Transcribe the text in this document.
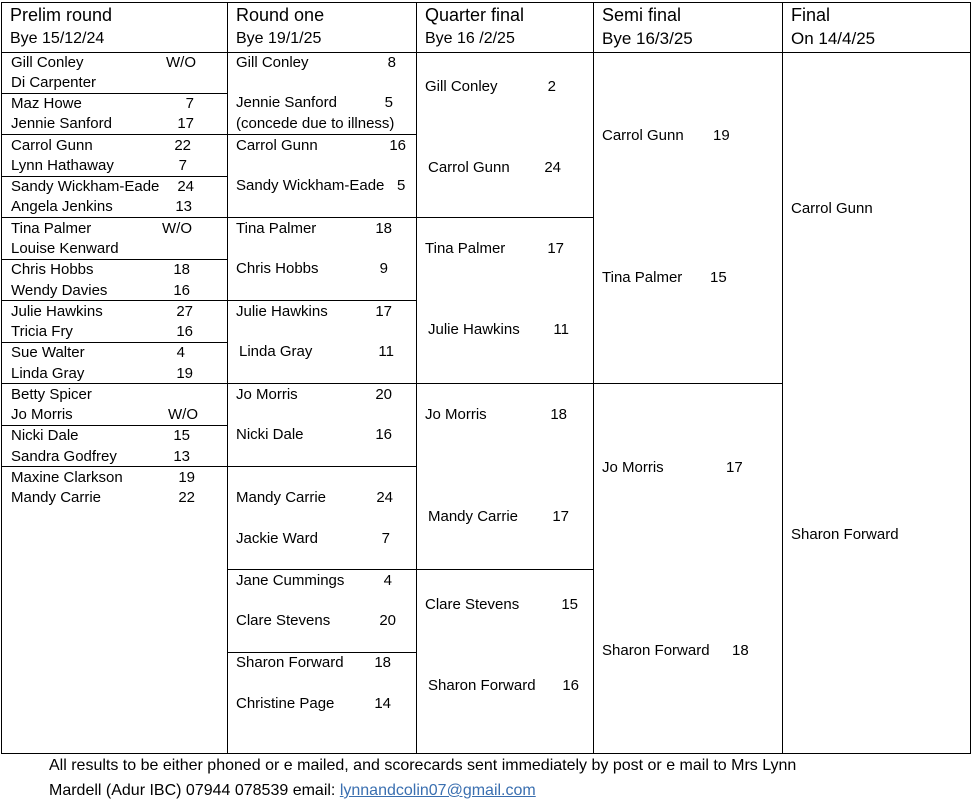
Prelim round
Bye 15/12/24
Round one
Bye 19/1/25
Quarter final
Bye 16 /2/25
Semi final
Bye 16/3/25
Final
On 14/4/25
Gill Conley	W/O
Di Carpenter
Maz Howe	7
Jennie Sanford	17
Carrol Gunn	22
Lynn Hathaway	7
Sandy Wickham-Eade	24
Angela Jenkins	13
Tina Palmer	W/O
Louise Kenward
Chris Hobbs	18
Wendy Davies	16
Julie Hawkins	27
Tricia Fry	16
Sue Walter	4
Linda Gray	19
Betty Spicer
Jo Morris	W/O
Nicki Dale	15
Sandra Godfrey	13
Maxine Clarkson	19
Mandy Carrie	22
Gill Conley	8
Jennie Sanford	5
(concede due to illness)
Carrol Gunn	16
Sandy Wickham-Eade 5
Tina Palmer	18
Chris Hobbs	9
Julie Hawkins	17
Linda Gray	11
Jo Morris	20
Nicki Dale	16
Mandy Carrie	24
Jackie Ward	7
Jane Cummings	4
Clare Stevens	20
Sharon Forward	18
Christine Page	14
Gill Conley	2
Carrol Gunn	24
Tina Palmer	17
Julie Hawkins	11
Jo Morris	18
Mandy Carrie	17
Clare Stevens	15
Sharon Forward	16
Carrol Gunn 19
Tina Palmer 15
Jo Morris	17
Sharon Forward 18
Carrol Gunn
Sharon Forward
All results to be either phoned or e mailed, and scorecards sent immediately by post or e mail to Mrs Lynn
Mardell (Adur IBC) 07944 078539 email: lynnandcolin07@gmail.com
